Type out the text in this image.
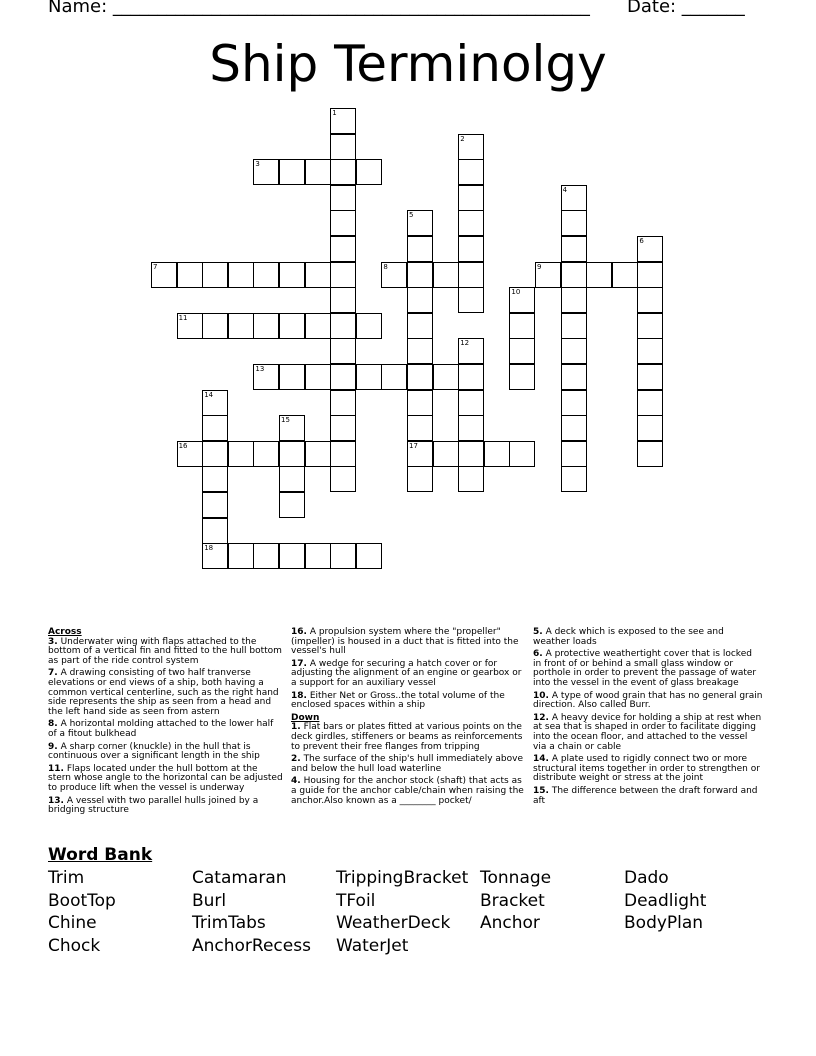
Name: _____________________________________________________ Date: _______
Ship Terminolgy
1
2
3
4
5
17
6
7	8	9
10
11
12
13
14
18
15
16
Across
3. Underwater wing with flaps attached to the bottom of a vertical fin and fitted to the hull bottom as part of the ride control system
7. A drawing consisting of two half tranverse elevations or end views of a ship, both having a common vertical centerline, such as the right hand side represents the ship as seen from a head and the left hand side as seen from astern
8. A horizontal molding attached to the lower half of a fitout bulkhead
9. A sharp corner (knuckle) in the hull that is continuous over a significant length in the ship
11. Flaps located under the hull bottom at the stern whose angle to the horizontal can be adjusted to produce lift when the vessel is underway
13. A vessel with two parallel hulls joined by a bridging structure
16. A propulsion system where the "propeller" (impeller) is housed in a duct that is fitted into the vessel's hull
17. A wedge for securing a hatch cover or for adjusting the alignment of an engine or gearbox or a support for an auxiliary vessel
18. Either Net or Gross..the total volume of the enclosed spaces within a ship
Down
1. Flat bars or plates fitted at various points on the deck girdles, stiffeners or beams as reinforcements to prevent their free flanges from tripping
2. The surface of the ship's hull immediately above and below the hull load waterline
4. Housing for the anchor stock (shaft) that acts as a guide for the anchor cable/chain when raising the anchor.Also known as a ________ pocket/
5. A deck which is exposed to the see and weather loads
6. A protective weathertight cover that is locked in front of or behind a small glass window or porthole in order to prevent the passage of water into the vessel in the event of glass breakage
10. A type of wood grain that has no general grain direction. Also called Burr.
12. A heavy device for holding a ship at rest when at sea that is shaped in order to facilitate digging into the ocean floor, and attached to the vessel via a chain or cable
14. A plate used to rigidly connect two or more structural items together in order to strengthen or distribute weight or stress at the joint
15. The difference between the draft forward and aft
Word Bank
Trim
BootTop
Chine
Chock
Catamaran
Burl
TrimTabs
AnchorRecess
TrippingBracket
TFoil
WeatherDeck
WaterJet
Tonnage
Bracket
Anchor
Dado
Deadlight
BodyPlan
